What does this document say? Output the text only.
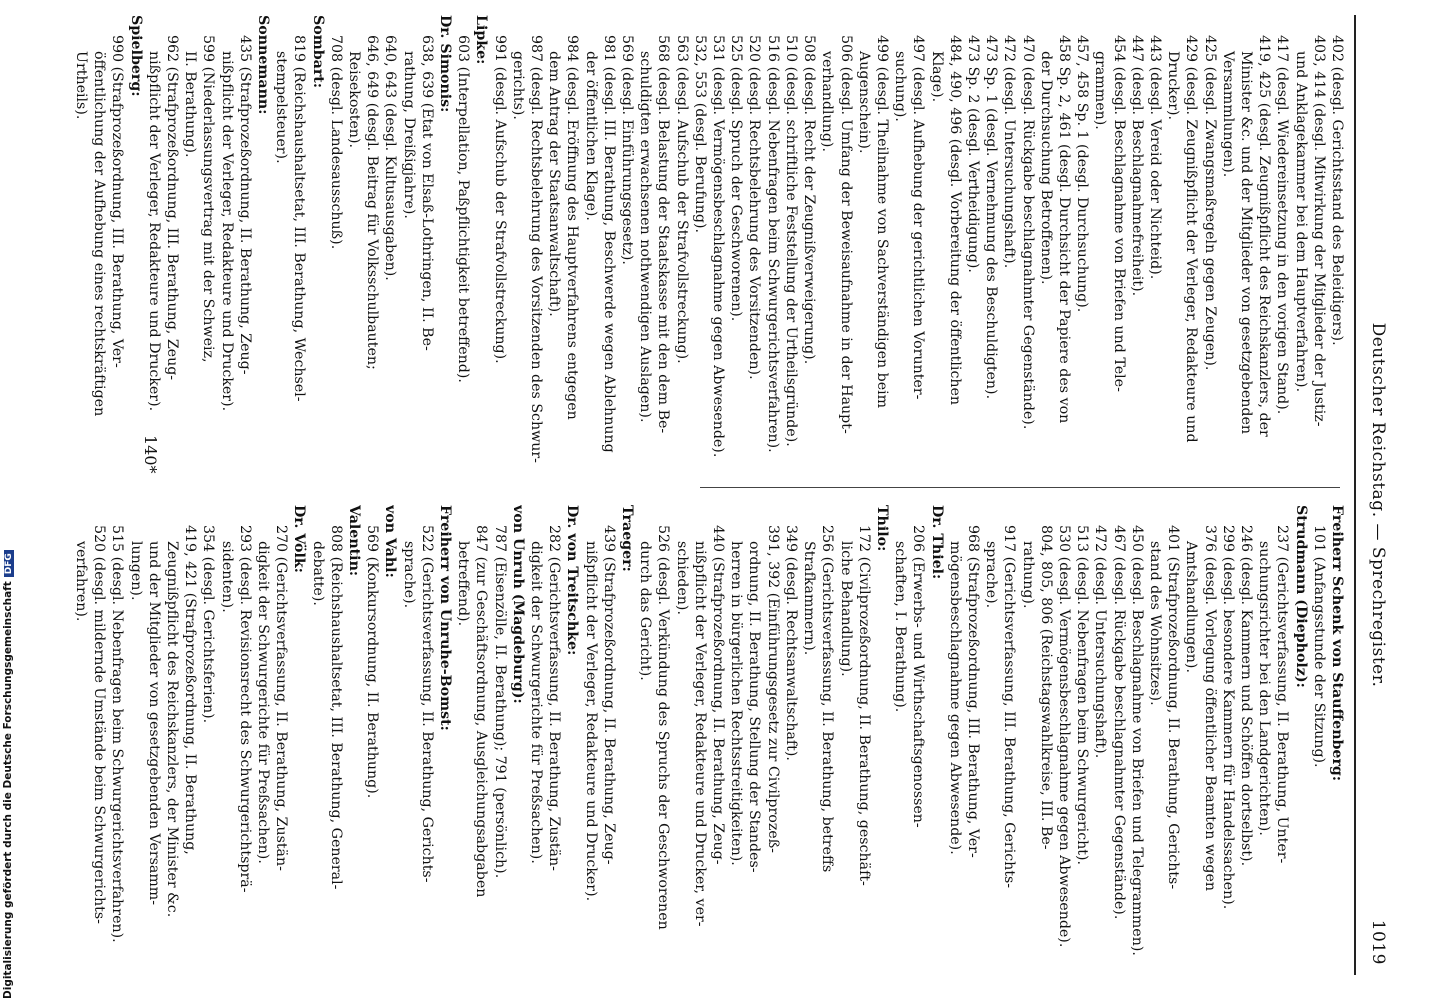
Deutscher Reichstag. — Sprechregister.
1019
402 (desgl. Gerichtsstand des Beleidigers).
403, 414 (desgl. Mitwirkung der Mitglieder der Justiz-
und Anklagekammer bei dem Hauptverfahren).
417 (desgl. Wiedereinsetzung in den vorigen Stand).
419, 425 (desgl. Zeugnißpflicht des Reichskanzlers, der
Minister &c. und der Mitglieder von gesetzgebenden
Versammlungen).
425 (desgl. Zwangsmaßregeln gegen Zeugen).
429 (desgl. Zeugnißpflicht der Verleger, Redakteure und
Drucker).
443 (desgl. Vereid oder Nichteid).
447 (desgl. Beschlagnahmefreiheit).
454 (desgl. Beschlagnahme von Briefen und Tele-
grammen).
457, 458 Sp. 1 (desgl. Durchsuchung).
458 Sp. 2, 461 (desgl. Durchsicht der Papiere des von
der Durchsuchung Betroffenen).
470 (desgl. Rückgabe beschlagnahmter Gegenstände).
472 (desgl. Untersuchungshaft).
473 Sp. 1 (desgl. Vernehmung des Beschuldigten).
473 Sp. 2 (desgl. Vertheidigung).
484, 490, 496 (desgl. Vorbereitung der öffentlichen
Klage).
497 (desgl. Aufhebung der gerichtlichen Vorunter-
suchung).
499 (desgl. Theilnahme von Sachverständigen beim
Augenschein).
506 (desgl. Umfang der Beweisaufnahme in der Haupt-
verhandlung).
508 (desgl. Recht der Zeugnißverweigerung).
510 (desgl. schriftliche Feststellung der Urtheilsgründe).
516 (desgl. Nebenfragen beim Schwurgerichtsverfahren).
520 (desgl. Rechtsbelehrung des Vorsitzenden).
525 (desgl. Spruch der Geschworenen).
531 (desgl. Vermögensbeschlagnahme gegen Abwesende).
532, 553 (desgl. Berufung).
563 (desgl. Aufschub der Strafvollstreckung).
568 (desgl. Belastung der Staatskasse mit den dem Be-
schuldigten erwachsenen nothwendigen Auslagen).
569 (desgl. Einführungsgesetz).
981 (desgl. III. Berathung, Beschwerde wegen Ablehnung
der öffentlichen Klage).
984 (desgl. Eröffnung des Hauptverfahrens entgegen
dem Antrag der Staatsanwaltschaft).
987 (desgl. Rechtsbelehrung des Vorsitzenden des Schwur-
gerichts).
991 (desgl. Aufschub der Strafvollstreckung).
Lipke:
603 (Interpellation, Paßpflichtigkeit betreffend).
Dr. Simonis:
638, 639 (Etat von Elsaß-Lothringen, II. Be-
rathung, Dreißigjahre).
640, 643 (desgl. Kultusausgaben).
646, 649 (desgl. Beitrag für Volksschulbauten;
Reisekosten).
708 (desgl. Landesausschuß).
Sombart:
819 (Reichshaushaltsetat, III. Berathung, Wechsel-
stempelsteuer).
Sonnemann:
435 (Strafprozeßordnung, II. Berathung, Zeug-
nißpflicht der Verleger, Redakteure und Drucker).
599 (Niederlassungsvertrag mit der Schweiz,
II. Berathung).
962 (Strafprozeßordnung, III. Berathung, Zeug-
nißpflicht der Verleger, Redakteure und Drucker).
Spielberg:
990 (Strafprozeßordnung, III. Berathung, Ver-
öffentlichung der Aufhebung eines rechtskräftigen
Urtheils).
Freiherr Schenk von Stauffenberg:
101 (Anfangsstunde der Sitzung).
Strudmann (Diepholz):
237 (Gerichtsverfassung, II. Berathung, Unter-
suchungsrichter bei den Landgerichten).
246 (desgl. Kammern und Schöffen dortselbst).
299 (desgl. besondere Kammern für Handelssachen).
376 (desgl. Vorlegung öffentlicher Beamten wegen
Amtshandlungen).
401 (Strafprozeßordnung, II. Berathung, Gerichts-
stand des Wohnsitzes).
450 (desgl. Beschlagnahme von Briefen und Telegrammen).
467 (desgl. Rückgabe beschlagnahmter Gegenstände).
472 (desgl. Untersuchungshaft).
513 (desgl. Nebenfragen beim Schwurgericht).
530 (desgl. Vermögensbeschlagnahme gegen Abwesende).
804, 805, 806 (Reichstagswahlkreise, III. Be-
rathung).
917 (Gerichtsverfassung, III. Berathung, Gerichts-
sprache).
968 (Strafprozeßordnung, III. Berathung, Ver-
mögensbeschlagnahme gegen Abwesende).
Dr. Thiel:
206 (Erwerbs- und Wirthschaftsgenossen-
schaften, I. Berathung).
Thilo:
172 (Civilprozeßordnung, II. Berathung, geschäft-
liche Behandlung).
256 (Gerichtsverfassung, II. Berathung, betreffs
Strafkammern).
349 (desgl. Rechtsanwaltschaft).
391, 392 (Einführungsgesetz zur Civilprozeß-
ordnung, II. Berathung, Stellung der Standes-
herren in bürgerlichen Rechtsstreitigkeiten).
440 (Strafprozeßordnung, II. Berathung, Zeug-
nißpflicht der Verleger, Redakteure und Drucker, ver-
schieden).
526 (desgl. Verkündung des Spruchs der Geschworenen
durch das Gericht).
Traeger:
439 (Strafprozeßordnung, II. Berathung, Zeug-
nißpflicht der Verleger, Redakteure und Drucker).
Dr. von Treitschke:
282 (Gerichtsverfassung, II. Berathung, Zustän-
digkeit der Schwurgerichte für Preßsachen).
von Unruh (Magdeburg):
787 (Eisenzölle, II. Berathung); 791 (persönlich).
847 (zur Geschäftsordnung, Ausgleichungsabgaben
betreffend).
Freiherr von Unruhe-Bomst:
522 (Gerichtsverfassung, II. Berathung, Gerichts-
sprache).
von Vahl:
569 (Konkursordnung, II. Berathung).
Valentin:
808 (Reichshaushaltsetat, III. Berathung, General-
debatte).
Dr. Völk:
270 (Gerichtsverfassung, II. Berathung, Zustän-
digkeit der Schwurgerichte für Preßsachen).
293 (desgl. Revisionsrecht des Schwurgerichtsprä-
sidenten).
354 (desgl. Gerichtsferien).
419, 421 (Strafprozeßordnung, II. Berathung,
Zeugnißpflicht des Reichskanzlers, der Minister &c.
und der Mitglieder von gesetzgebenden Versamm-
lungen).
515 (desgl. Nebenfragen beim Schwurgerichtsverfahren).
520 (desgl. mildernde Umstände beim Schwurgerichts-
verfahren).
140*
Digitalisierung gefördert durch die Deutsche ForschungsgemeinschaftDFG
